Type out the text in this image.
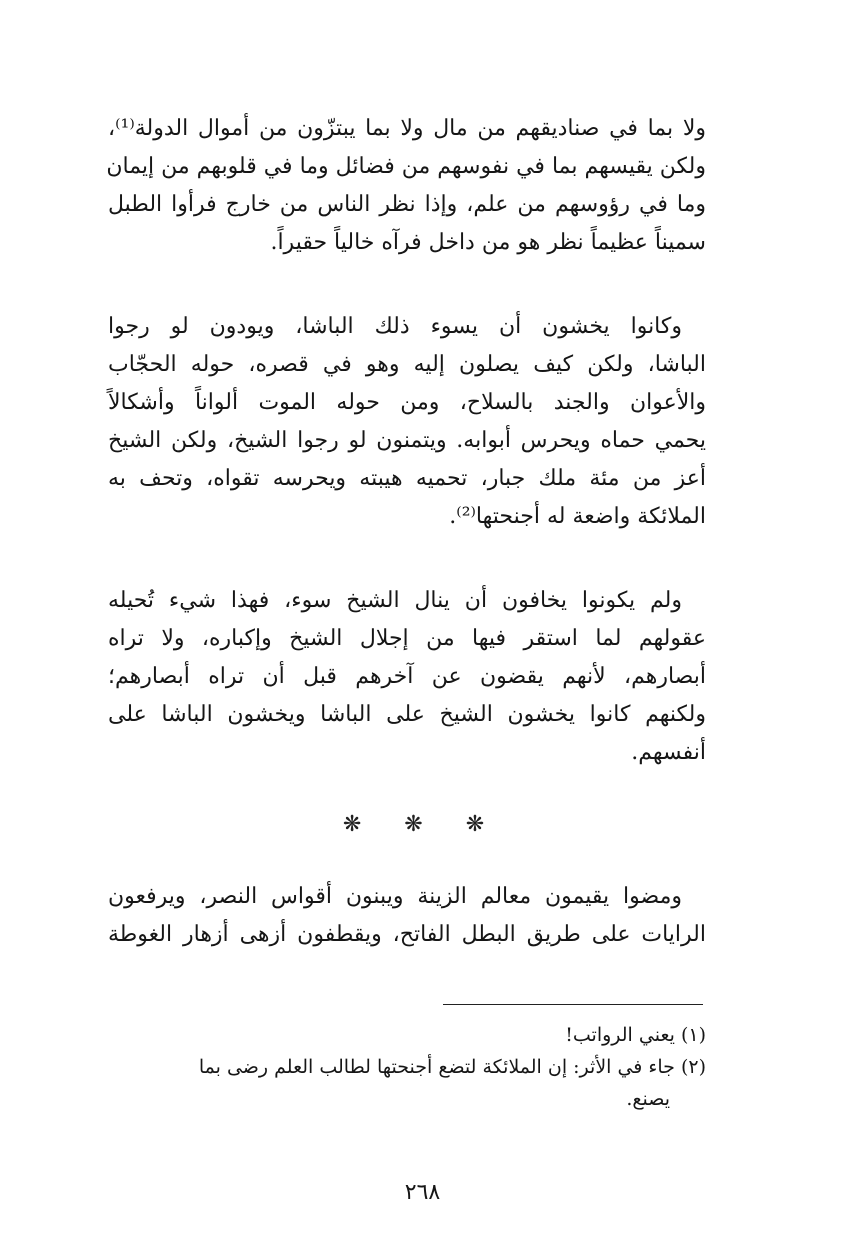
ولا بما في صناديقهم من مال ولا بما يبتزّون من أموال الدولة⁽¹⁾،
ولكن يقيسهم بما في نفوسهم من فضائل وما في قلوبهم من إيمان
وما في رؤوسهم من علم، وإذا نظر الناس من خارج فرأوا الطبل
سميناً عظيماً نظر هو من داخل فرآه خالياً حقيراً.
وكانوا يخشون أن يسوء ذلك الباشا، ويودون لو رجوا
الباشا، ولكن كيف يصلون إليه وهو في قصره، حوله الحجّاب
والأعوان والجند بالسلاح، ومن حوله الموت ألواناً وأشكالاً
يحمي حماه ويحرس أبوابه. ويتمنون لو رجوا الشيخ، ولكن الشيخ
أعز من مئة ملك جبار، تحميه هيبته ويحرسه تقواه، وتحف به
الملائكة واضعة له أجنحتها⁽²⁾.
ولم يكونوا يخافون أن ينال الشيخ سوء، فهذا شيء تُحيله
عقولهم لما استقر فيها من إجلال الشيخ وإكباره، ولا تراه
أبصارهم، لأنهم يقضون عن آخرهم قبل أن تراه أبصارهم؛
ولكنهم كانوا يخشون الشيخ على الباشا ويخشون الباشا على
أنفسهم.
❋ ❋ ❋
ومضوا يقيمون معالم الزينة ويبنون أقواس النصر، ويرفعون
الرايات على طريق البطل الفاتح، ويقطفون أزهى أزهار الغوطة
(١) يعني الرواتب!
(٢) جاء في الأثر: إن الملائكة لتضع أجنحتها لطالب العلم رضى بما
يصنع.
٢٦٨
